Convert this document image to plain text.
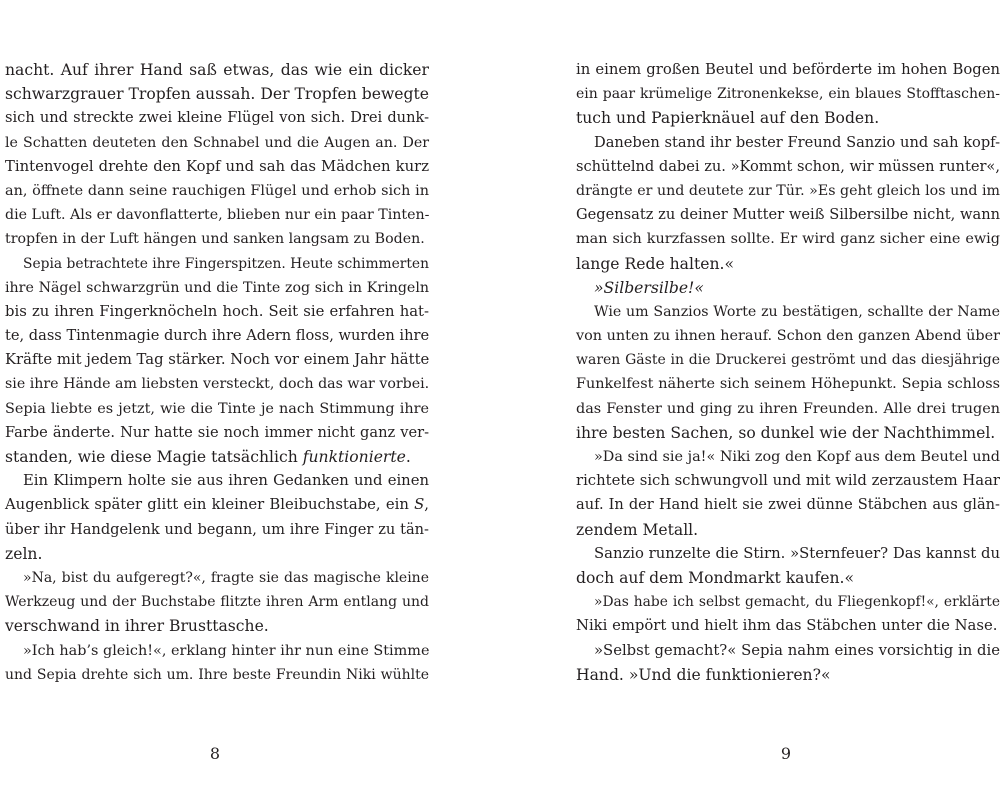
nacht. Auf ihrer Hand saß etwas, das wie ein dicker
schwarzgrauer Tropfen aussah. Der Tropfen bewegte
sich und streckte zwei kleine Flügel von sich. Drei dunk-
le Schatten deuteten den Schnabel und die Augen an. Der
Tintenvogel drehte den Kopf und sah das Mädchen kurz
an, öffnete dann seine rauchigen Flügel und erhob sich in
die Luft. Als er davonflatterte, blieben nur ein paar Tinten-
tropfen in der Luft hängen und sanken langsam zu Boden.
Sepia betrachtete ihre Fingerspitzen. Heute schimmerten
ihre Nägel schwarzgrün und die Tinte zog sich in Kringeln
bis zu ihren Fingerknöcheln hoch. Seit sie erfahren hat-
te, dass Tintenmagie durch ihre Adern floss, wurden ihre
Kräfte mit jedem Tag stärker. Noch vor einem Jahr hätte
sie ihre Hände am liebsten versteckt, doch das war vorbei.
Sepia liebte es jetzt, wie die Tinte je nach Stimmung ihre
Farbe änderte. Nur hatte sie noch immer nicht ganz ver-
standen, wie diese Magie tatsächlich funktionierte.
Ein Klimpern holte sie aus ihren Gedanken und einen
Augenblick später glitt ein kleiner Bleibuchstabe, ein S,
über ihr Handgelenk und begann, um ihre Finger zu tän-
zeln.
»Na, bist du aufgeregt?«, fragte sie das magische kleine
Werkzeug und der Buchstabe flitzte ihren Arm entlang und
verschwand in ihrer Brusttasche.
»Ich hab’s gleich!«, erklang hinter ihr nun eine Stimme
und Sepia drehte sich um. Ihre beste Freundin Niki wühlte
in einem großen Beutel und beförderte im hohen Bogen
ein paar krümelige Zitronenkekse, ein blaues Stofftaschen-
tuch und Papierknäuel auf den Boden.
Daneben stand ihr bester Freund Sanzio und sah kopf-
schüttelnd dabei zu. »Kommt schon, wir müssen runter«,
drängte er und deutete zur Tür. »Es geht gleich los und im
Gegensatz zu deiner Mutter weiß Silbersilbe nicht, wann
man sich kurzfassen sollte. Er wird ganz sicher eine ewig
lange Rede halten.«
»Silbersilbe!«
Wie um Sanzios Worte zu bestätigen, schallte der Name
von unten zu ihnen herauf. Schon den ganzen Abend über
waren Gäste in die Druckerei geströmt und das diesjährige
Funkelfest näherte sich seinem Höhepunkt. Sepia schloss
das Fenster und ging zu ihren Freunden. Alle drei trugen
ihre besten Sachen, so dunkel wie der Nachthimmel.
»Da sind sie ja!« Niki zog den Kopf aus dem Beutel und
richtete sich schwungvoll und mit wild zerzaustem Haar
auf. In der Hand hielt sie zwei dünne Stäbchen aus glän-
zendem Metall.
Sanzio runzelte die Stirn. »Sternfeuer? Das kannst du
doch auf dem Mondmarkt kaufen.«
»Das habe ich selbst gemacht, du Fliegenkopf!«, erklärte
Niki empört und hielt ihm das Stäbchen unter die Nase.
»Selbst gemacht?« Sepia nahm eines vorsichtig in die
Hand. »Und die funktionieren?«
8	9
